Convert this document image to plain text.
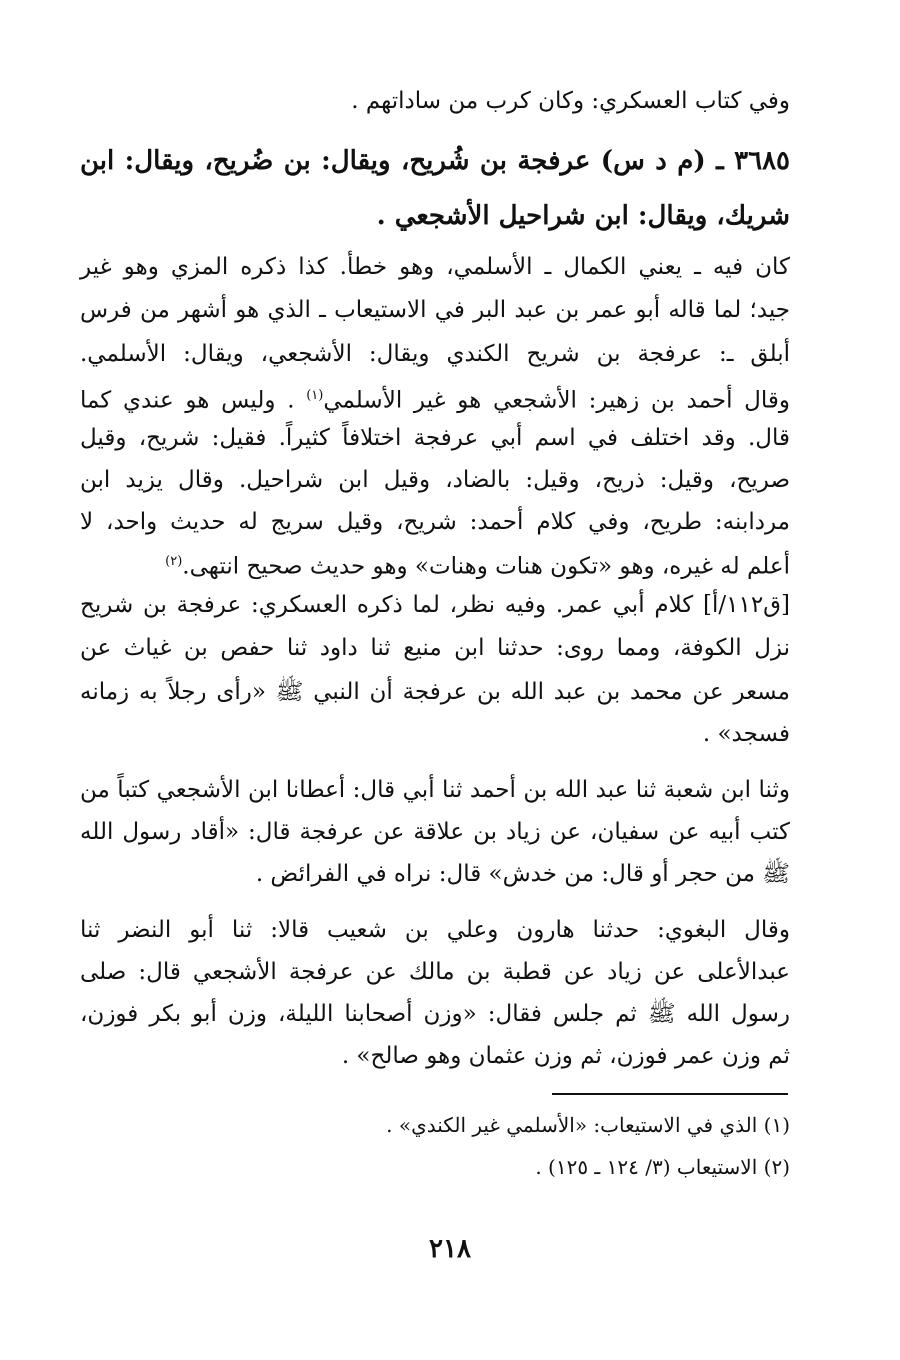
وفي كتاب العسكري: وكان كرب من ساداتهم .
٣٦٨٥ ـ (م د س) عرفجة بن شُريح، ويقال: بن ضُريح، ويقال: ابن
شريك، ويقال: ابن شراحيل الأشجعي .
كان فيه ـ يعني الكمال ـ الأسلمي، وهو خطأ. كذا ذكره المزي وهو غير
جيد؛ لما قاله أبو عمر بن عبد البر في الاستيعاب ـ الذي هو أشهر من فرس
أبلق ـ: عرفجة بن شريح الكندي ويقال: الأشجعي، ويقال: الأسلمي.
وقال أحمد بن زهير: الأشجعي هو غير الأسلمي$^{(١)}$ . وليس هو عندي كما
قال. وقد اختلف في اسم أبي عرفجة اختلافاً كثيراً. فقيل: شريح، وقيل
صريح، وقيل: ذريح، وقيل: بالضاد، وقيل ابن شراحيل. وقال يزيد ابن
مردابنه: طريح، وفي كلام أحمد: شريح، وقيل سريج له حديث واحد، لا
أعلم له غيره، وهو «تكون هنات وهنات» وهو حديث صحيح انتهى.$^{(٢)}$
[ق١١٢/أ] كلام أبي عمر. وفيه نظر، لما ذكره العسكري: عرفجة بن شريح
نزل الكوفة، ومما روى: حدثنا ابن منيع ثنا داود ثنا حفص بن غياث عن
مسعر عن محمد بن عبد الله بن عرفجة أن النبي ﷺ «رأى رجلاً به زمانه
فسجد» .
وثنا ابن شعبة ثنا عبد الله بن أحمد ثنا أبي قال: أعطانا ابن الأشجعي كتباً من
كتب أبيه عن سفيان، عن زياد بن علاقة عن عرفجة قال: «أقاد رسول الله
ﷺ من حجر أو قال: من خدش» قال: نراه في الفرائض .
وقال البغوي: حدثنا هارون وعلي بن شعيب قالا: ثنا أبو النضر ثنا
عبدالأعلى عن زياد عن قطبة بن مالك عن عرفجة الأشجعي قال: صلى
رسول الله ﷺ ثم جلس فقال: «وزن أصحابنا الليلة، وزن أبو بكر فوزن،
ثم وزن عمر فوزن، ثم وزن عثمان وهو صالح» .
(١) الذي في الاستيعاب: «الأسلمي غير الكندي» .
(٢) الاستيعاب (٣/ ١٢٤ ـ ١٢٥) .
٢١٨
